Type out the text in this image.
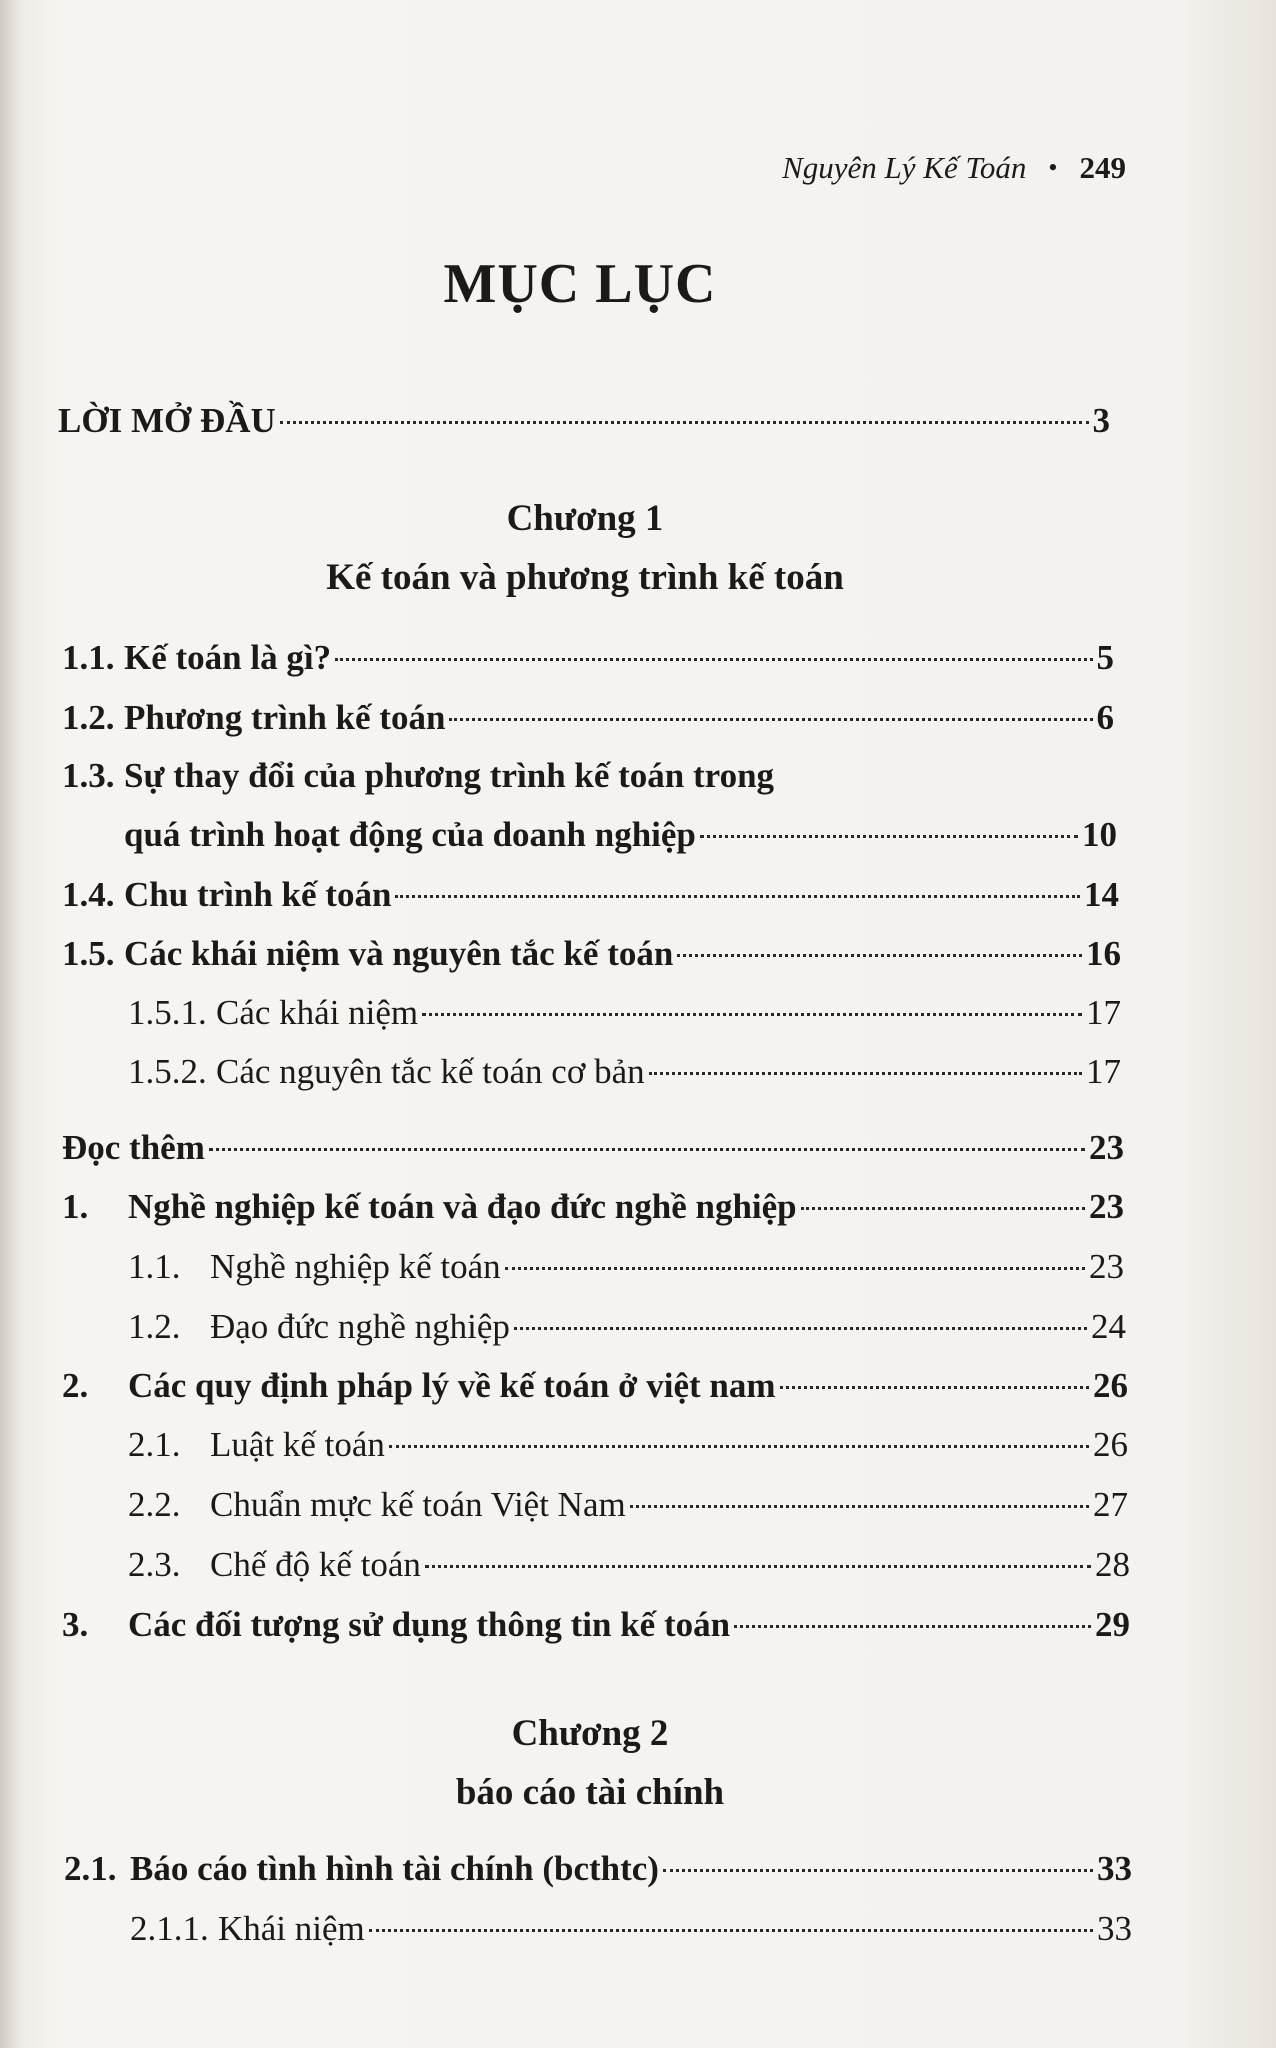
Nguyên Lý Kế Toán • 249
MỤC LỤC
LỜI MỞ ĐẦU	3
Chương 1
Kế toán và phương trình kế toán
1.1. Kế toán là gì?	5
1.2. Phương trình kế toán	6
1.3. Sự thay đổi của phương trình kế toán trong
quá trình hoạt động của doanh nghiệp	10
1.4. Chu trình kế toán	14
1.5. Các khái niệm và nguyên tắc kế toán	16
1.5.1. Các khái niệm	17
1.5.2. Các nguyên tắc kế toán cơ bản	17
Đọc thêm	23
1.	Nghề nghiệp kế toán và đạo đức nghề nghiệp	23
1.1. Nghề nghiệp kế toán	23
1.2. Đạo đức nghề nghiệp	24
2.	Các quy định pháp lý về kế toán ở việt nam	26
2.1. Luật kế toán	26
2.2. Chuẩn mực kế toán Việt Nam	27
2.3. Chế độ kế toán	28
3.	Các đối tượng sử dụng thông tin kế toán	29
Chương 2
báo cáo tài chính
2.1. Báo cáo tình hình tài chính (bcthtc)	33
2.1.1. Khái niệm	33
